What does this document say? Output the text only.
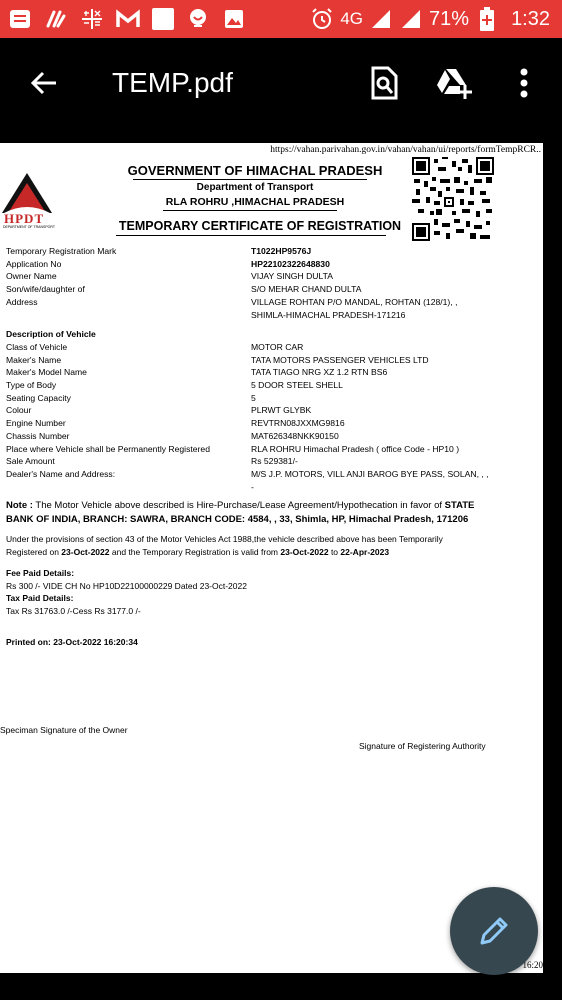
4G	71% 1:32
TEMP.pdf
https://vahan.parivahan.gov.in/vahan/vahan/ui/reports/formTempRCR..
HPDT
DEPARTMENT OF TRANSPORT
GOVERNMENT OF HIMACHAL PRADESH
Department of Transport
RLA ROHRU ,HIMACHAL PRADESH
TEMPORARY CERTIFICATE OF REGISTRATION
Temporary Registration Mark	T1022HP9576J
Application No	HP22102322648830
Owner Name	VIJAY SINGH DULTA
Son/wife/daughter of	S/O MEHAR CHAND DULTA
Address	VILLAGE ROHTAN P/O MANDAL, ROHTAN (128/1), ,
SHIMLA-HIMACHAL PRADESH-171216
Description of Vehicle
Class of Vehicle	MOTOR CAR
Maker's Name	TATA MOTORS PASSENGER VEHICLES LTD
Maker's Model Name	TATA TIAGO NRG XZ 1.2 RTN BS6
Type of Body	5 DOOR STEEL SHELL
Seating Capacity	5
Colour	PLRWT GLYBK
Engine Number	REVTRN08JXXMG9816
Chassis Number	MAT626348NKK90150
Place where Vehicle shall be Permanently Registered	RLA ROHRU Himachal Pradesh ( office Code - HP10 )
Sale Amount	Rs 529381/-
Dealer's Name and Address:	M/S J.P. MOTORS, VILL ANJI BAROG BYE PASS, SOLAN, , ,
-
Note : The Motor Vehicle above described is Hire-Purchase/Lease Agreement/Hypothecation in favor of STATE BANK OF INDIA, BRANCH: SAWRA, BRANCH CODE: 4584, , 33, Shimla, HP, Himachal Pradesh, 171206
Under the provisions of section 43 of the Motor Vehicles Act 1988,the vehicle described above has been Temporarily Registered on 23-Oct-2022 and the Temporary Registration is valid from 23-Oct-2022 to 22-Apr-2023
Fee Paid Details:
Rs 300 /- VIDE CH No HP10D22100000229 Dated 23-Oct-2022
Tax Paid Details:
Tax Rs 31763.0 /-Cess Rs 3177.0 /-
Printed on: 23-Oct-2022 16:20:34
Speciman Signature of the Owner
Signature of Registering Authority
16:20
